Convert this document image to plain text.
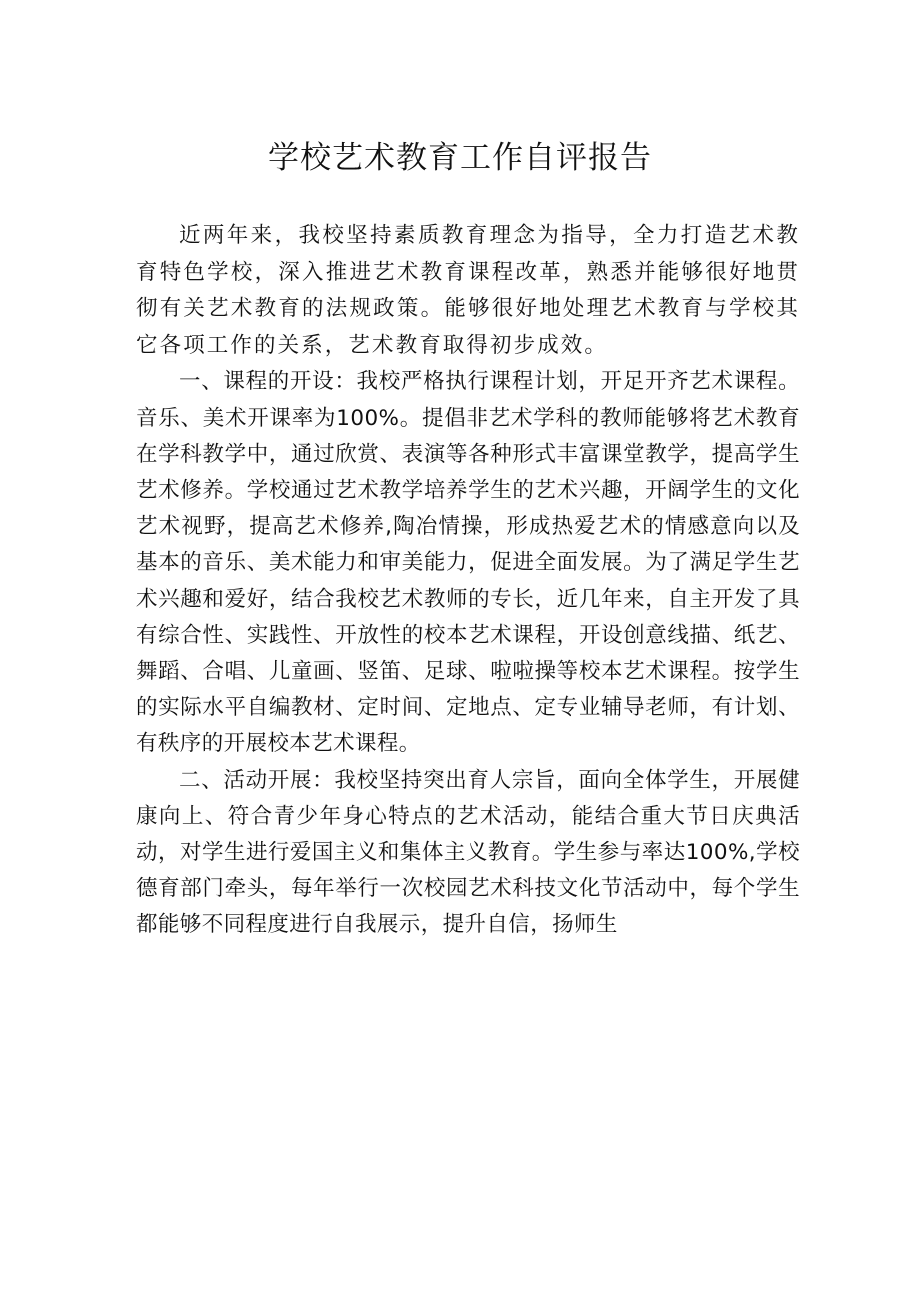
学校艺术教育工作自评报告

近两年来，我校坚持素质教育理念为指导，全力打造艺术教育特色学校，深入推进艺术教育课程改革，熟悉并能够很好地贯彻有关艺术教育的法规政策。能够很好地处理艺术教育与学校其它各项工作的关系，艺术教育取得初步成效。

一、课程的开设：我校严格执行课程计划，开足开齐艺术课程。音乐、美术开课率为100%。提倡非艺术学科的教师能够将艺术教育在学科教学中，通过欣赏、表演等各种形式丰富课堂教学，提高学生艺术修养。学校通过艺术教学培养学生的艺术兴趣，开阔学生的文化艺术视野，提高艺术修养,陶冶情操，形成热爱艺术的情感意向以及基本的音乐、美术能力和审美能力，促进全面发展。为了满足学生艺术兴趣和爱好，结合我校艺术教师的专长，近几年来，自主开发了具有综合性、实践性、开放性的校本艺术课程，开设创意线描、纸艺、舞蹈、合唱、儿童画、竖笛、足球、啦啦操等校本艺术课程。按学生的实际水平自编教材、定时间、定地点、定专业辅导老师，有计划、有秩序的开展校本艺术课程。

二、活动开展：我校坚持突出育人宗旨，面向全体学生，开展健康向上、符合青少年身心特点的艺术活动，能结合重大节日庆典活动，对学生进行爱国主义和集体主义教育。学生参与率达100%,学校德育部门牵头，每年举行一次校园艺术科技文化节活动中，每个学生都能够不同程度进行自我展示，提升自信，扬师生
